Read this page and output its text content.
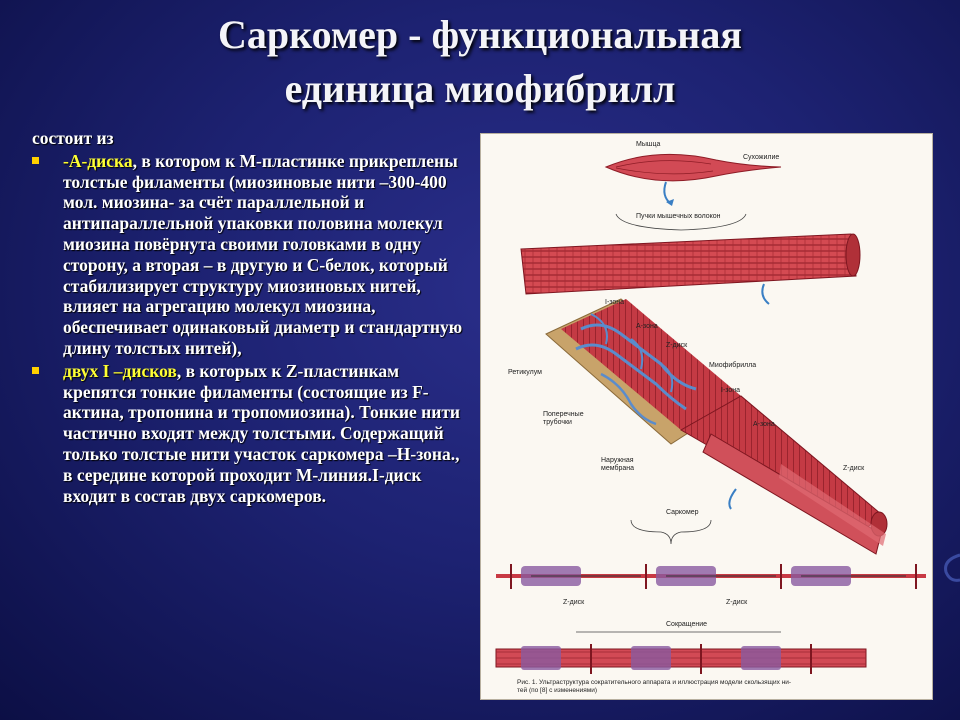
Саркомер - функциональная
единица миофибрилл
состоит из
-А-диска, в котором к М-пластинке прикреплены толстые филаменты (миозиновые нити –300-400 мол. миозина- за счёт параллельной и антипараллельной упаковки половина молекул миозина повёрнута своими головками в одну сторону, а вторая – в другую и С-белок, который стабилизирует структуру миозиновых нитей, влияет на агрегацию молекул миозина, обеспечивает одинаковый диаметр и стандартную длину толстых нитей),
двух I –дисков, в которых к Z-пластинкам крепятся тонкие филаменты (состоящие из F-актина, тропонина и тропомиозина). Тонкие нити частично входят между толстыми. Содержащий только толстые нити участок саркомера –Н-зона., в середине которой проходит М-линия.I-диск входит в состав двух саркомеров.
Мышца
Сухожилие
Пучки мышечных волокон
I-зона
А-зона
Z-диск
Миофибрилла
I-зона
Ретикулум
Поперечные
трубочки	А-зона
Наружная
мембрана	Z-диск
Саркомер
Z-диск	Z-диск
Сокращение
Рис. 1. Ультраструктура сократительного аппарата и иллюстрация модели скользящих ни-
тей (по [8] с изменениями)
